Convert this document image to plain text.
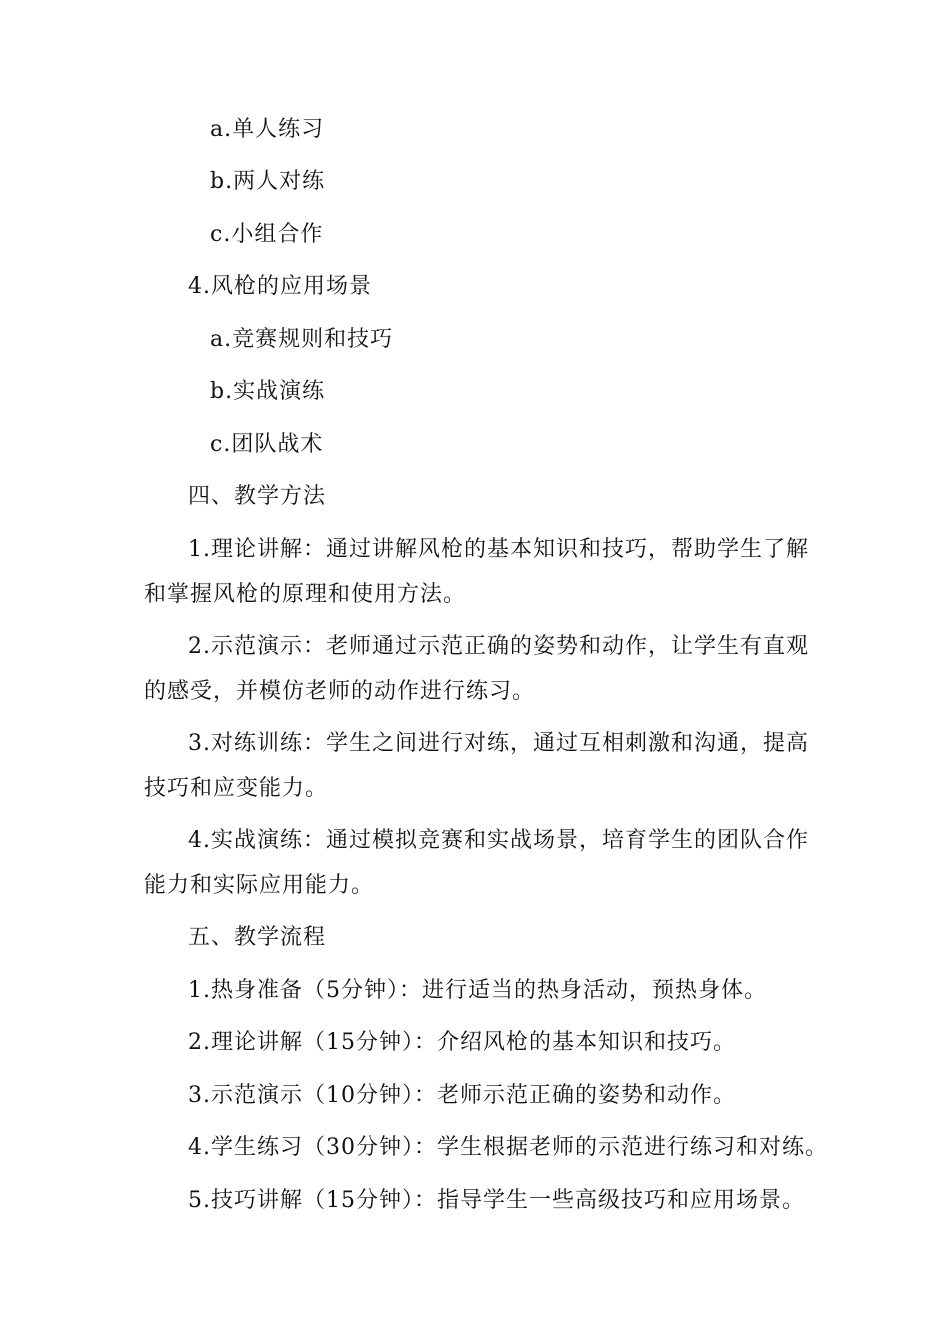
a.单人练习
b.两人对练
c.小组合作
4.风枪的应用场景
a.竞赛规则和技巧
b.实战演练
c.团队战术
四、教学方法
1.理论讲解：通过讲解风枪的基本知识和技巧，帮助学生了解
和掌握风枪的原理和使用方法。
2.示范演示：老师通过示范正确的姿势和动作，让学生有直观
的感受，并模仿老师的动作进行练习。
3.对练训练：学生之间进行对练，通过互相刺激和沟通，提高
技巧和应变能力。
4.实战演练：通过模拟竞赛和实战场景，培育学生的团队合作
能力和实际应用能力。
五、教学流程
1.热身准备（5分钟）：进行适当的热身活动，预热身体。
2.理论讲解（15分钟）：介绍风枪的基本知识和技巧。
3.示范演示（10分钟）：老师示范正确的姿势和动作。
4.学生练习（30分钟）：学生根据老师的示范进行练习和对练。
5.技巧讲解（15分钟）：指导学生一些高级技巧和应用场景。
